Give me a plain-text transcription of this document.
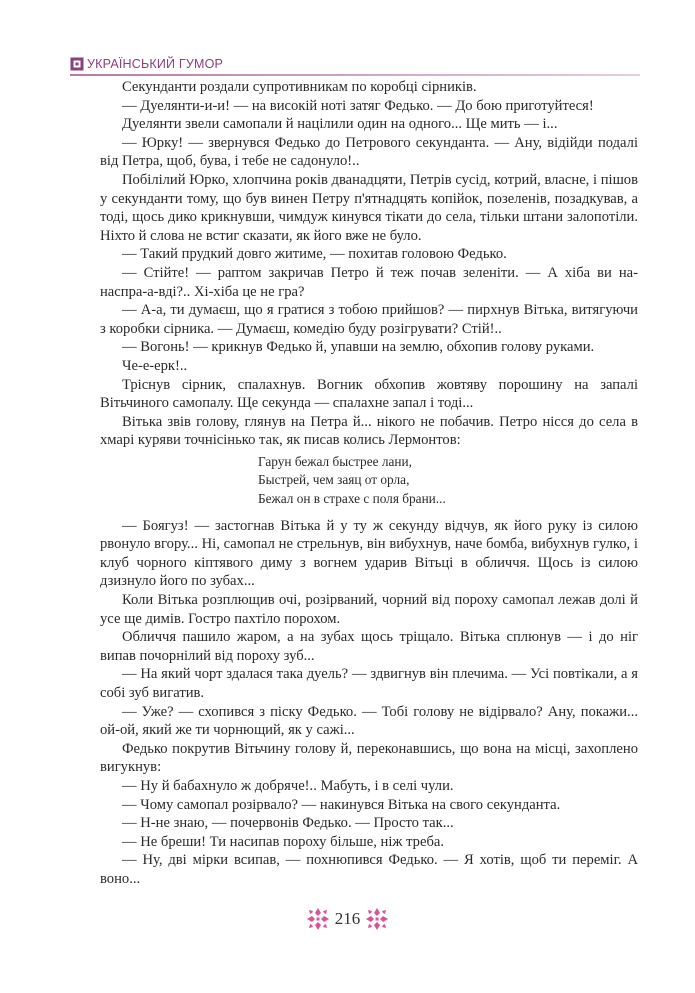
УКРАЇНСЬКИЙ ГУМОР

Секунданти роздали супротивникам по коробці сірників.

— Дуелянти-и-и! — на високій ноті затяг Федько. — До бою приготуйтеся!

Дуелянти звели самопали й націлили один на одного... Ще мить — і...

— Юрку! — звернувся Федько до Петрового секунданта. — Ану, відійди подалі від Петра, щоб, бува, і тебе не садонуло!..

Побілілий Юрко, хлопчина років дванадцяти, Петрів сусід, котрий, власне, і пішов у секунданти тому, що був винен Петру п'ятнадцять копійок, позеленів, позадкував, а тоді, щось дико крикнувши, чимдуж кинувся тікати до села, тільки штани залопотіли. Ніхто й слова не встиг сказати, як його вже не було.

— Такий прудкий довго житиме, — похитав головою Федько.

— Стійте! — раптом закричав Петро й теж почав зеленіти. — А хіба ви на-наспра-а-вді?.. Хі-хіба це не гра?

— А-а, ти думаєш, що я гратися з тобою прийшов? — пирхнув Вітька, витягуючи з коробки сірника. — Думаєш, комедію буду розігрувати? Стій!..

— Вогонь! — крикнув Федько й, упавши на землю, обхопив голову руками.

Че-е-ерк!..

Тріснув сірник, спалахнув. Вогник обхопив жовтяву порошину на запалі Вітьчиного самопалу. Ще секунда — спалахне запал і тоді...

Вітька звів голову, глянув на Петра й... нікого не побачив. Петро нісся до села в хмарі куряви точнісінько так, як писав колись Лермонтов:

Гарун бежал быстрее лани,
Быстрей, чем заяц от орла,
Бежал он в страхе с поля брани...

— Боягуз! — застогнав Вітька й у ту ж секунду відчув, як його руку із силою рвонуло вгору... Ні, самопал не стрельнув, він вибухнув, наче бомба, вибухнув гулко, і клуб чорного кіптявого диму з вогнем ударив Вітьці в обличчя. Щось із силою дзизнуло його по зубах...

Коли Вітька розплющив очі, розірваний, чорний від пороху самопал лежав долі й усе ще димів. Гостро пахтіло порохом.

Обличчя пашило жаром, а на зубах щось тріщало. Вітька сплюнув — і до ніг випав почорнілий від пороху зуб...

— На який чорт здалася така дуель? — здвигнув він плечима. — Усі повтікали, а я собі зуб вигатив.

— Уже? — схопився з піску Федько. — Тобі голову не відірвало? Ану, покажи... ой-ой, який же ти чорнющий, як у сажі...

Федько покрутив Вітьчину голову й, переконавшись, що вона на місці, захоплено вигукнув:

— Ну й бабахнуло ж добряче!.. Мабуть, і в селі чули.

— Чому самопал розірвало? — накинувся Вітька на свого секунданта.

— Н-не знаю, — почервонів Федько. — Просто так...

— Не бреши! Ти насипав пороху більше, ніж треба.

— Ну, дві мірки всипав, — похнюпився Федько. — Я хотів, щоб ти переміг. А воно...

216
